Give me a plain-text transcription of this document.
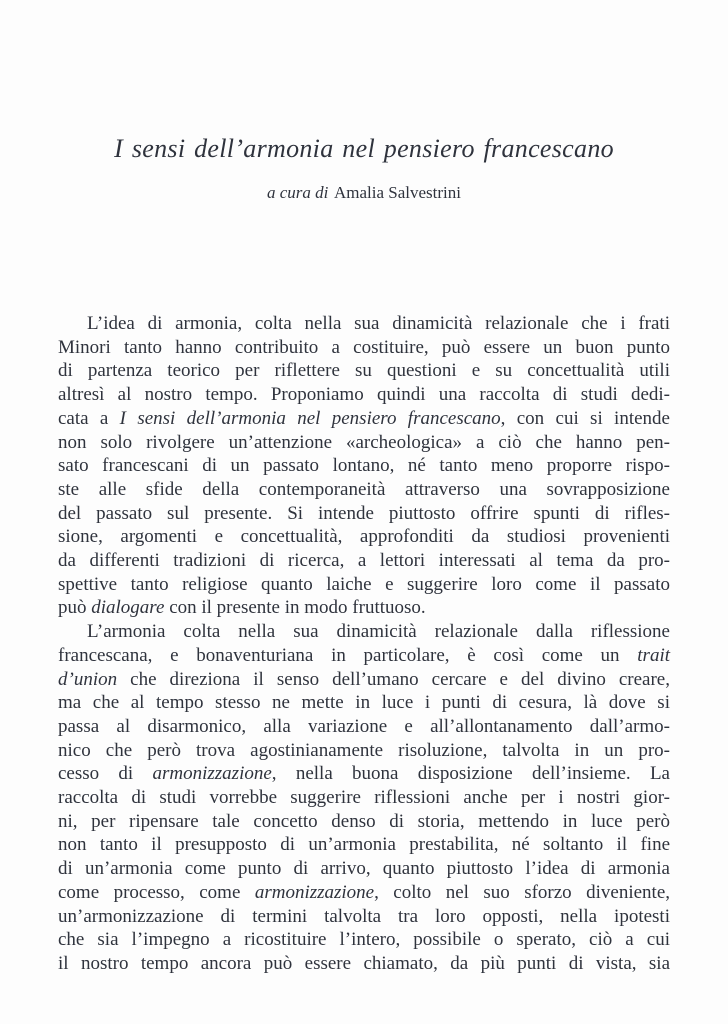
I sensi dell’armonia nel pensiero francescano
a cura di Amalia Salvestrini
L’idea di armonia, colta nella sua dinamicità relazionale che i frati
Minori tanto hanno contribuito a costituire, può essere un buon punto
di partenza teorico per riflettere su questioni e su concettualità utili
altresì al nostro tempo. Proponiamo quindi una raccolta di studi dedi-
cata a I sensi dell’armonia nel pensiero francescano, con cui si intende
non solo rivolgere un’attenzione «archeologica» a ciò che hanno pen-
sato francescani di un passato lontano, né tanto meno proporre rispo-
ste alle sfide della contemporaneità attraverso una sovrapposizione
del passato sul presente. Si intende piuttosto offrire spunti di rifles-
sione, argomenti e concettualità, approfonditi da studiosi provenienti
da differenti tradizioni di ricerca, a lettori interessati al tema da pro-
spettive tanto religiose quanto laiche e suggerire loro come il passato
può dialogare con il presente in modo fruttuoso.
L’armonia colta nella sua dinamicità relazionale dalla riflessione
francescana, e bonaventuriana in particolare, è così come un trait
d’union che direziona il senso dell’umano cercare e del divino creare,
ma che al tempo stesso ne mette in luce i punti di cesura, là dove si
passa al disarmonico, alla variazione e all’allontanamento dall’armo-
nico che però trova agostinianamente risoluzione, talvolta in un pro-
cesso di armonizzazione, nella buona disposizione dell’insieme. La
raccolta di studi vorrebbe suggerire riflessioni anche per i nostri gior-
ni, per ripensare tale concetto denso di storia, mettendo in luce però
non tanto il presupposto di un’armonia prestabilita, né soltanto il fine
di un’armonia come punto di arrivo, quanto piuttosto l’idea di armonia
come processo, come armonizzazione, colto nel suo sforzo diveniente,
un’armonizzazione di termini talvolta tra loro opposti, nella ipotesti
che sia l’impegno a ricostituire l’intero, possibile o sperato, ciò a cui
il nostro tempo ancora può essere chiamato, da più punti di vista, sia
